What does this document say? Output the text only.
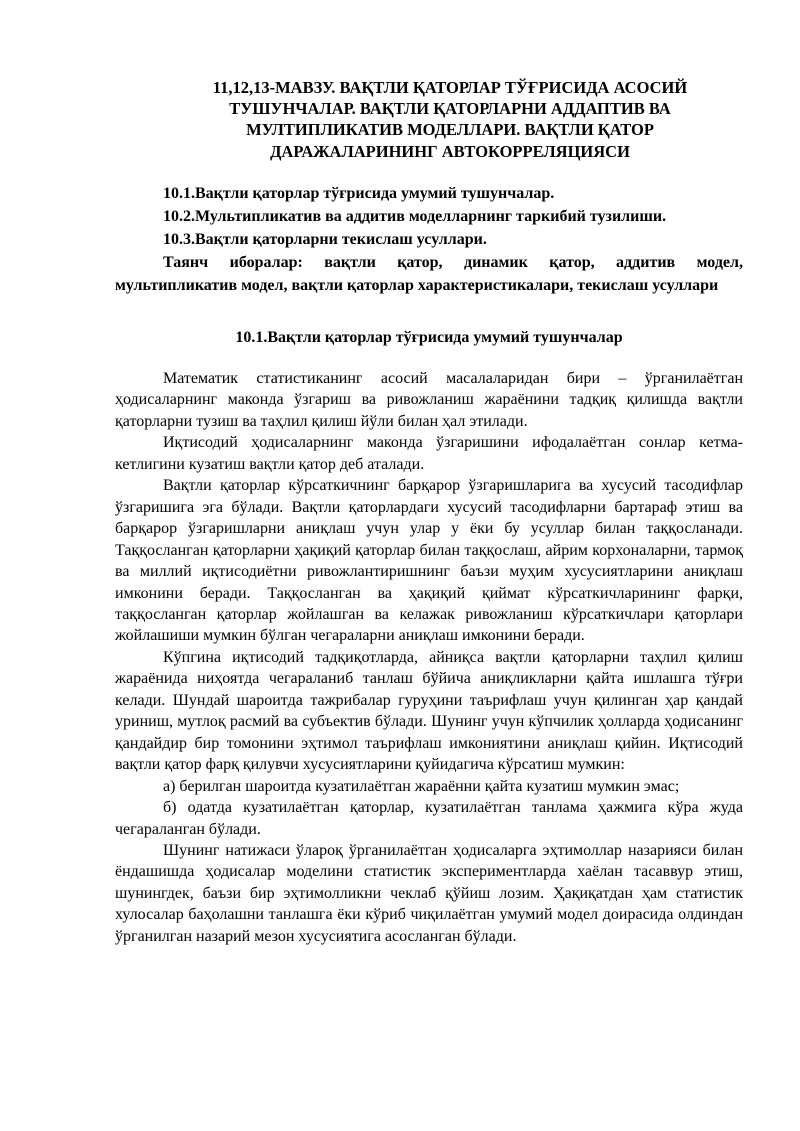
11,12,13-МАВЗУ. ВАҚТЛИ ҚАТОРЛАР ТЎҒРИСИДА АСОСИЙ
ТУШУНЧАЛАР. ВАҚТЛИ ҚАТОРЛАРНИ АДДАПТИВ ВА
МУЛТИПЛИКАТИВ МОДЕЛЛАРИ. ВАҚТЛИ ҚАТОР
ДАРАЖАЛАРИНИНГ АВТОКОРРЕЛЯЦИЯСИ
10.1.Вақтли қаторлар тўғрисида умумий тушунчалар.
10.2.Мультипликатив ва аддитив моделларнинг таркибий тузилиши.
10.3.Вақтли қаторларни текислаш усуллари.
Таянч иборалар: вақтли қатор, динамик қатор, аддитив модел, мультипликатив модел, вақтли қаторлар характеристикалари, текислаш усуллари
10.1.Вақтли қаторлар тўғрисида умумий тушунчалар

Математик статистиканинг асосий масалаларидан бири – ўрганилаётган ҳодисаларнинг маконда ўзгариш ва ривожланиш жараёнини тадқиқ қилишда вақтли қаторларни тузиш ва таҳлил қилиш йўли билан ҳал этилади.

Иқтисодий ҳодисаларнинг маконда ўзгаришини ифодалаётган сонлар кетма-кетлигини кузатиш вақтли қатор деб аталади.

Вақтли қаторлар кўрсаткичнинг барқарор ўзгаришларига ва хусусий тасодифлар ўзгаришига эга бўлади. Вақтли қаторлардаги хусусий тасодифларни бартараф этиш ва барқарор ўзгаришларни аниқлаш учун улар у ёки бу усуллар билан таққосланади. Таққосланган қаторларни ҳақиқий қаторлар билан таққослаш, айрим корхоналарни, тармоқ ва миллий иқтисодиётни ривожлантиришнинг баъзи муҳим хусусиятларини аниқлаш имконини беради. Таққосланган ва ҳақиқий қиймат кўрсаткичларининг фарқи, таққосланган қаторлар жойлашган ва келажак ривожланиш кўрсаткичлари қаторлари жойлашиши мумкин бўлган чегараларни аниқлаш имконини беради.

Кўпгина иқтисодий тадқиқотларда, айниқса вақтли қаторларни таҳлил қилиш жараёнида ниҳоятда чегараланиб танлаш бўйича аниқликларни қайта ишлашга тўғри келади. Шундай шароитда тажрибалар гуруҳини таърифлаш учун қилинган ҳар қандай уриниш, мутлоқ расмий ва субъектив бўлади. Шунинг учун кўпчилик ҳолларда ҳодисанинг қандайдир бир томонини эҳтимол таърифлаш имкониятини аниқлаш қийин. Иқтисодий вақтли қатор фарқ қилувчи хусусиятларини қуйидагича кўрсатиш мумкин:

а) берилган шароитда кузатилаётган жараённи қайта кузатиш мумкин эмас;

б) одатда кузатилаётган қаторлар, кузатилаётган танлама ҳажмига кўра жуда чегараланган бўлади.

Шунинг натижаси ўлароқ ўрганилаётган ҳодисаларга эҳтимоллар назарияси билан ёндашишда ҳодисалар моделини статистик экспериментларда хаёлан тасаввур этиш, шунингдек, баъзи бир эҳтимолликни чеклаб қўйиш лозим. Ҳақиқатдан ҳам статистик хулосалар баҳолашни танлашга ёки кўриб чиқилаётган умумий модел доирасида олдиндан ўрганилган назарий мезон хусусиятига асосланган бўлади.
